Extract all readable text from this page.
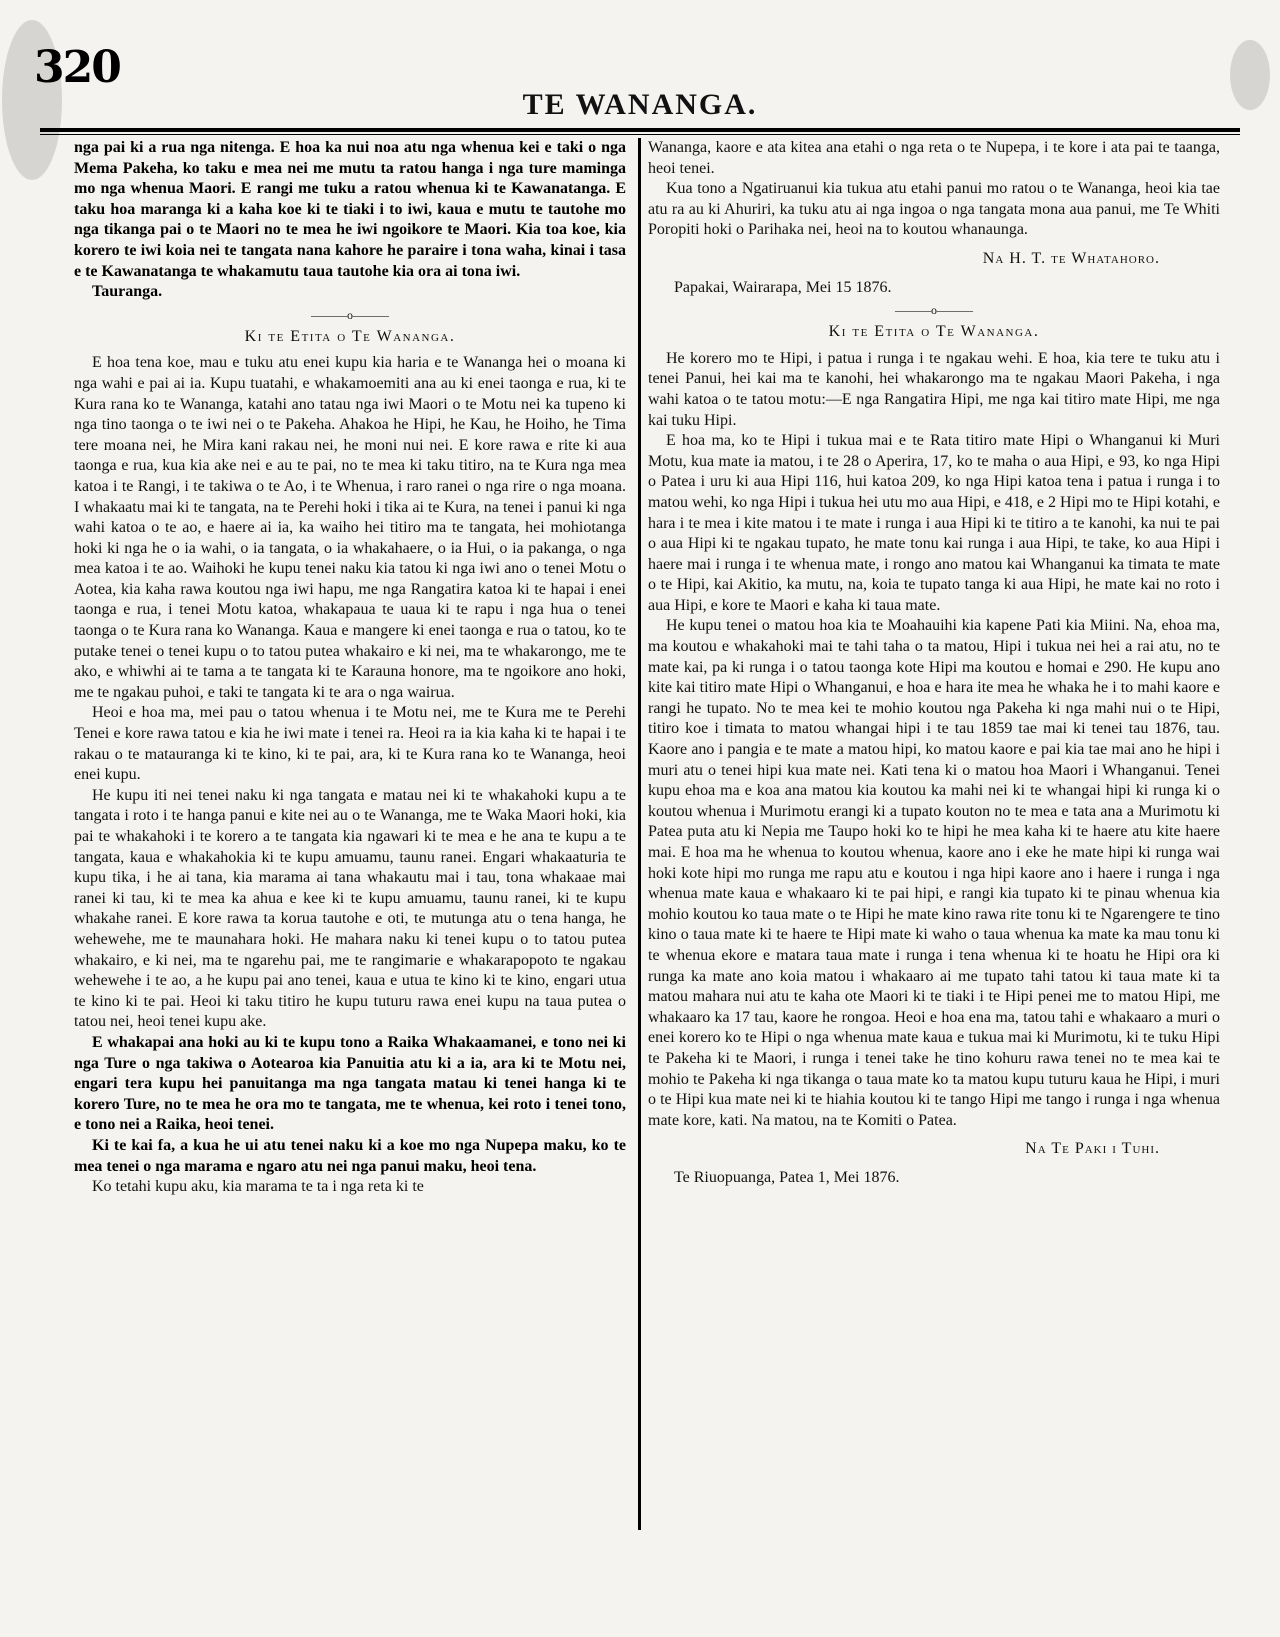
320
TE WANANGA.

nga pai ki a rua nga nitenga. E hoa ka nui noa atu nga whenua kei e taki o nga Mema Pakeha, ko taku e mea nei me mutu ta ratou hanga i nga ture maminga mo nga whenua Maori. E rangi me tuku a ratou whenua ki te Kawanatanga. E taku hoa maranga ki a kaha koe ki te tiaki i to iwi, kaua e mutu te tautohe mo nga tikanga pai o te Maori no te mea he iwi ngoikore te Maori. Kia toa koe, kia korero te iwi koia nei te tangata nana kahore he paraire i tona waha, kinai i tasa e te Kawanatanga te whakamutu taua tautohe kia ora ai tona iwi.

Tauranga.

———o———
Ki te Etita o Te Wananga.

E hoa tena koe, mau e tuku atu enei kupu kia haria e te Wananga hei o moana ki nga wahi e pai ai ia. Kupu tuatahi, e whakamoemiti ana au ki enei taonga e rua, ki te Kura rana ko te Wananga, katahi ano tatau nga iwi Maori o te Motu nei ka tupeno ki nga tino taonga o te iwi nei o te Pakeha. Ahakoa he Hipi, he Kau, he Hoiho, he Tima tere moana nei, he Mira kani rakau nei, he moni nui nei. E kore rawa e rite ki aua taonga e rua, kua kia ake nei e au te pai, no te mea ki taku titiro, na te Kura nga mea katoa i te Rangi, i te takiwa o te Ao, i te Whenua, i raro ranei o nga rire o nga moana. I whakaatu mai ki te tangata, na te Perehi hoki i tika ai te Kura, na tenei i panui ki nga wahi katoa o te ao, e haere ai ia, ka waiho hei titiro ma te tangata, hei mohiotanga hoki ki nga he o ia wahi, o ia tangata, o ia whakahaere, o ia Hui, o ia pakanga, o nga mea katoa i te ao. Waihoki he kupu tenei naku kia tatou ki nga iwi ano o tenei Motu o Aotea, kia kaha rawa koutou nga iwi hapu, me nga Rangatira katoa ki te hapai i enei taonga e rua, i tenei Motu katoa, whakapaua te uaua ki te rapu i nga hua o tenei taonga o te Kura rana ko Wananga. Kaua e mangere ki enei taonga e rua o tatou, ko te putake tenei o tenei kupu o to tatou putea whakairo e ki nei, ma te whakarongo, me te ako, e whiwhi ai te tama a te tangata ki te Karauna honore, ma te ngoikore ano hoki, me te ngakau puhoi, e taki te tangata ki te ara o nga wairua.

Heoi e hoa ma, mei pau o tatou whenua i te Motu nei, me te Kura me te Perehi Tenei e kore rawa tatou e kia he iwi mate i tenei ra. Heoi ra ia kia kaha ki te hapai i te rakau o te matauranga ki te kino, ki te pai, ara, ki te Kura rana ko te Wananga, heoi enei kupu.

He kupu iti nei tenei naku ki nga tangata e matau nei ki te whakahoki kupu a te tangata i roto i te hanga panui e kite nei au o te Wananga, me te Waka Maori hoki, kia pai te whakahoki i te korero a te tangata kia ngawari ki te mea e he ana te kupu a te tangata, kaua e whakahokia ki te kupu amuamu, taunu ranei. Engari whakaaturia te kupu tika, i he ai tana, kia marama ai tana whakautu mai i tau, tona whakaae mai ranei ki tau, ki te mea ka ahua e kee ki te kupu amuamu, taunu ranei, ki te kupu whakahe ranei. E kore rawa ta koruа tautohe e oti, te mutunga atu o tena hanga, he wehewehe, me te maunahara hoki. He mahara naku ki tenei kupu o to tatou putea whakairo, e ki nei, ma te ngarehu pai, me te rangimarie e whakarapopoto te ngakau wehewehe i te ao, a he kupu pai ano tenei, kaua e utua te kino ki te kino, engari utua te kino ki te pai. Heoi ki taku titiro he kupu tuturu rawa enei kupu na taua putea o tatou nei, heoi tenei kupu ake.

E whakapai ana hoki au ki te kupu tono a Raika Whakaamanei, e tono nei ki nga Ture o nga takiwa o Aotearoa kia Panuitia atu ki a ia, ara ki te Motu nei, engari tera kupu hei panuitanga ma nga tangata matau ki tenei hanga ki te korero Ture, no te mea he ora mo te tangata, me te whenua, kei roto i tenei tono, e tono nei a Raika, heoi tenei.

Ki te kai fa, a kua he ui atu tenei naku ki a koe mo nga Nupepa maku, ko te mea tenei o nga marama e ngaro atu nei nga panui maku, heoi tena.

Ko tetahi kupu aku, kia marama te ta i nga reta ki te

Wananga, kaore e ata kitea ana etahi o nga reta o te Nupepa, i te kore i ata pai te taanga, heoi tenei.

Kua tono a Ngatiruanui kia tukua atu etahi panui mo ratou o te Wananga, heoi kia tae atu ra au ki Ahuriri, ka tuku atu ai nga ingoa o nga tangata mona aua panui, me Te Whiti Poropiti hoki o Parihaka nei, heoi na to koutou whanaunga.

Na H. T. te Whatahoro.
Papakai, Wairarapa, Mei 15 1876.
———o———
Ki te Etita o Te Wananga.

He korero mo te Hipi, i patua i runga i te ngakau wehi. E hoa, kia tere te tuku atu i tenei Panui, hei kai ma te kanohi, hei whakarongo ma te ngakau Maori Pakeha, i nga wahi katoa o te tatou motu:—E nga Rangatira Hipi, me nga kai titiro mate Hipi, me nga kai tuku Hipi.

E hoa ma, ko te Hipi i tukua mai e te Rata titiro mate Hipi o Whanganui ki Muri Motu, kua mate ia matou, i te 28 o Aperira, 17, ko te maha o aua Hipi, e 93, ko nga Hipi o Patea i uru ki aua Hipi 116, hui katoa 209, ko nga Hipi katoa tena i patua i runga i to matou wehi, ko nga Hipi i tukua hei utu mo aua Hipi, e 418, e 2 Hipi mo te Hipi kotahi, e hara i te mea i kite matou i te mate i runga i aua Hipi ki te titiro a te kanohi, ka nui te pai o aua Hipi ki te ngakau tupato, he mate tonu kai runga i aua Hipi, te take, ko aua Hipi i haere mai i runga i te whenua mate, i rongo ano matou kai Whanganui ka timata te mate o te Hipi, kai Akitio, ka mutu, na, koia te tupato tanga ki aua Hipi, he mate kai no roto i aua Hipi, e kore te Maori e kaha ki taua mate.

He kupu tenei o matou hoa kia te Moahauihi kia kapene Pati kia Miini. Na, ehoa ma, ma koutou e whakahoki mai te tahi taha o ta matou, Hipi i tukua nei hei a rai atu, no te mate kai, pa ki runga i o tatou taonga kote Hipi ma koutou e homai e 290. He kupu ano kite kai titiro mate Hipi o Whanganui, e hoa e hara ite mea he whaka he i to mahi kaore e rangi he tupato. No te mea kei te mohio koutou nga Pakeha ki nga mahi nui o te Hipi, titiro koe i timata to matou whangai hipi i te tau 1859 tae mai ki tenei tau 1876, tau. Kaore ano i pangia e te mate a matou hipi, ko matou kaore e pai kia tae mai ano he hipi i muri atu o tenei hipi kua mate nei. Kati tena ki o matou hoa Maori i Whanganui. Tenei kupu ehoa ma e koa ana matou kia koutou ka mahi nei ki te whangai hipi ki runga ki o koutou whenua i Murimotu erangi ki a tupato kouton no te mea e tata ana a Murimotu ki Patea puta atu ki Nepia me Taupo hoki ko te hipi he mea kaha ki te haere atu kite haere mai. E hoa ma he whenua to koutou whenua, kaore ano i eke he mate hipi ki runga wai hoki kote hipi mo runga me rapu atu e koutou i nga hipi kaore ano i haere i runga i nga whenua mate kaua e whakaaro ki te pai hipi, e rangi kia tupato ki te pinau whenua kia mohio koutou ko taua mate o te Hipi he mate kino rawa rite tonu ki te Ngarengere te tino kino o taua mate ki te haere te Hipi mate ki waho o taua whenua ka mate ka mau tonu ki te whenua ekore e matara taua mate i runga i tena whenua ki te hoatu he Hipi ora ki runga ka mate ano koia matou i whakaaro ai me tupato tahi tatou ki taua mate ki ta matou mahara nui atu te kaha ote Maori ki te tiaki i te Hipi penei me to matou Hipi, me whakaaro ka 17 tau, kaore he rongoa. Heoi e hoa ena ma, tatou tahi e whakaaro a muri o enei korero ko te Hipi o nga whenua mate kaua e tukua mai ki Murimotu, ki te tuku Hipi te Pakeha ki te Maori, i runga i tenei take he tino kohuru rawa tenei no te mea kai te mohio te Pakeha ki nga tikanga o taua mate ko ta matou kupu tuturu kaua he Hipi, i muri o te Hipi kua mate nei ki te hiahia koutou ki te tango Hipi me tango i runga i nga whenua mate kore, kati. Na matou, na te Komiti o Patea.

Na Te Paki i Tuhi.
Te Riuopuanga, Patea 1, Mei 1876.
